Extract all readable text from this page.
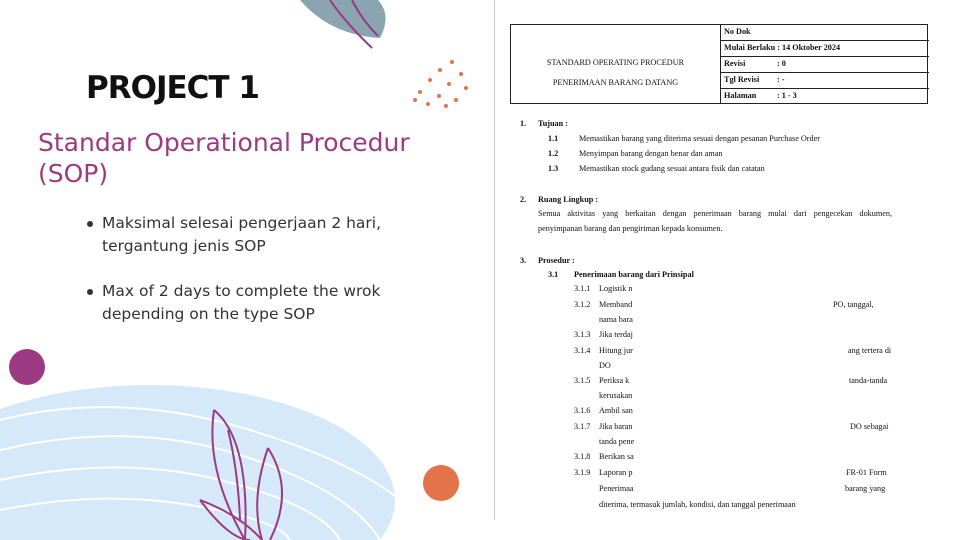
PROJECT 1
Standar Operational Procedur (SOP)
Maksimal selesai pengerjaan 2 hari, tergantung jenis SOP
Max of 2 days to complete the wrok depending on the type SOP
STANDARD OPERATING PROCEDUR
PENERIMAAN BARANG DATANG
No Dok
Mulai Berlaku : 14 Oktober 2024
Revisi	: 0
Tgl Revisi : -
Halaman	: 1 - 3
1. Tujuan :
1.1	Memastikan barang yang diterima sesuai dengan pesanan Purchase Order
1.2	Menyimpan barang dengan benar dan aman
1.3	Memastikan stock gudang sesuai antara fisik dan catatan
2. Ruang Lingkup :
Semua aktivitas yang berkaitan dengan penerimaan barang mulai dari pengecekan dokumen,
penyimpanan barang dan pengiriman kepada konsumen.
3. Prosedur :
3.1 Penerimaan barang dari Prinsipal
3.1.1 Logistik n
3.1.2 Memband	PO, tanggal,
nama bara
3.1.3 Jika terdaj
3.1.4 Hitung jur	ang tertera di
DO
3.1.5 Periksa k	tanda-tanda
kerusakan
3.1.6 Ambil san
3.1.7 Jika baran	DO sebagai
tanda pene
3.1.8 Berikan sa
3.1.9 Laporan p	FR-01 Form
Penerimaa	barang yang
diterima, termasuk jumlah, kondisi, dan tanggal penerimaan
